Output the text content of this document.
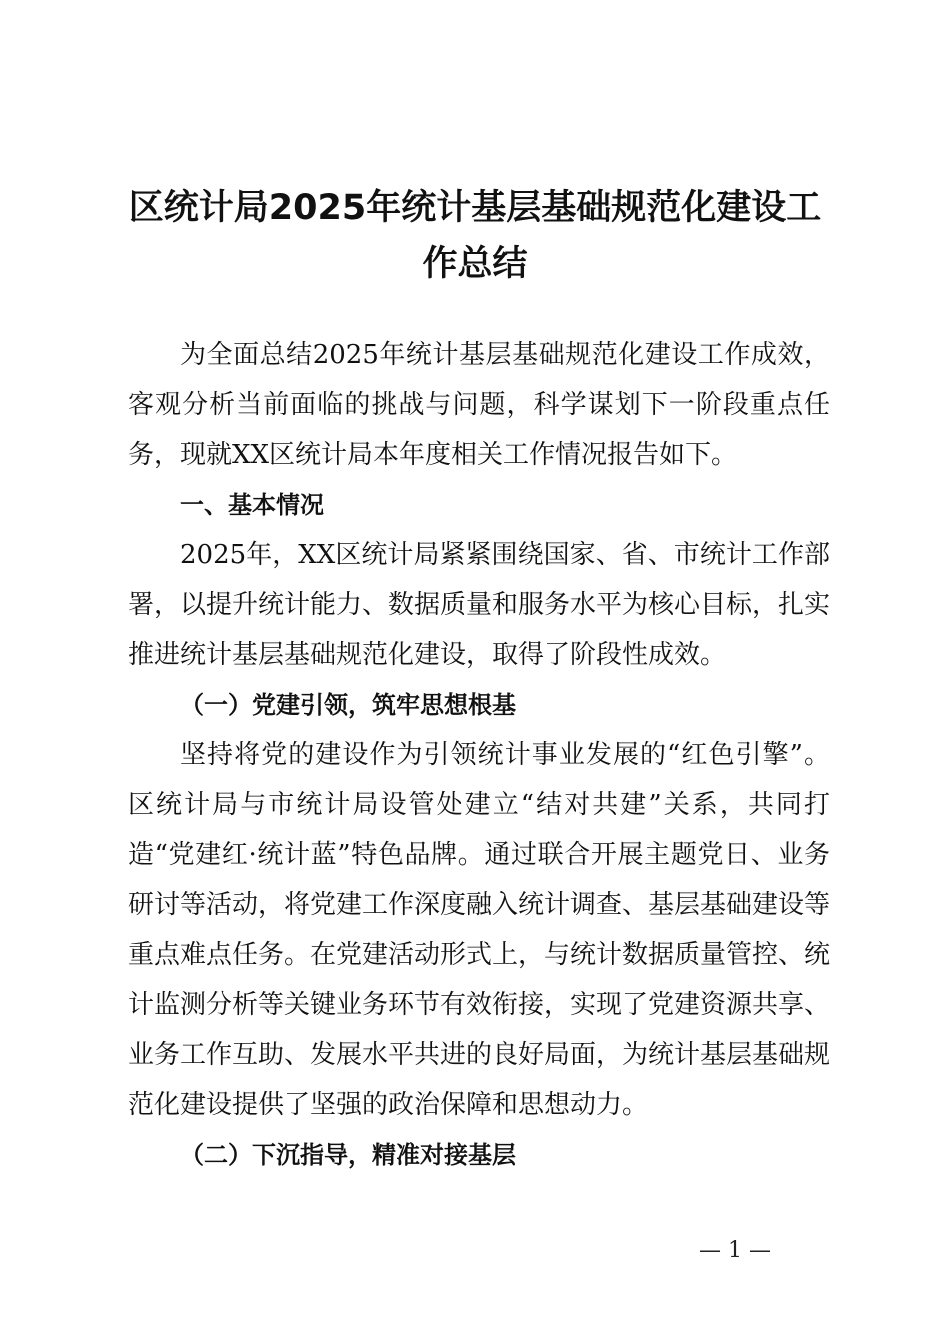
区统计局2025年统计基层基础规范化建设工作总结

为全面总结2025年统计基层基础规范化建设工作成效，客观分析当前面临的挑战与问题，科学谋划下一阶段重点任务，现就XX区统计局本年度相关工作情况报告如下。

一、基本情况

2025年，XX区统计局紧紧围绕国家、省、市统计工作部署，以提升统计能力、数据质量和服务水平为核心目标，扎实推进统计基层基础规范化建设，取得了阶段性成效。

（一）党建引领，筑牢思想根基

坚持将党的建设作为引领统计事业发展的“红色引擎”。区统计局与市统计局设管处建立“结对共建”关系，共同打造“党建红·统计蓝”特色品牌。通过联合开展主题党日、业务研讨等活动，将党建工作深度融入统计调查、基层基础建设等重点难点任务。在党建活动形式上，与统计数据质量管控、统计监测分析等关键业务环节有效衔接，实现了党建资源共享、业务工作互助、发展水平共进的良好局面，为统计基层基础规范化建设提供了坚强的政治保障和思想动力。

（二）下沉指导，精准对接基层

— 1 —
